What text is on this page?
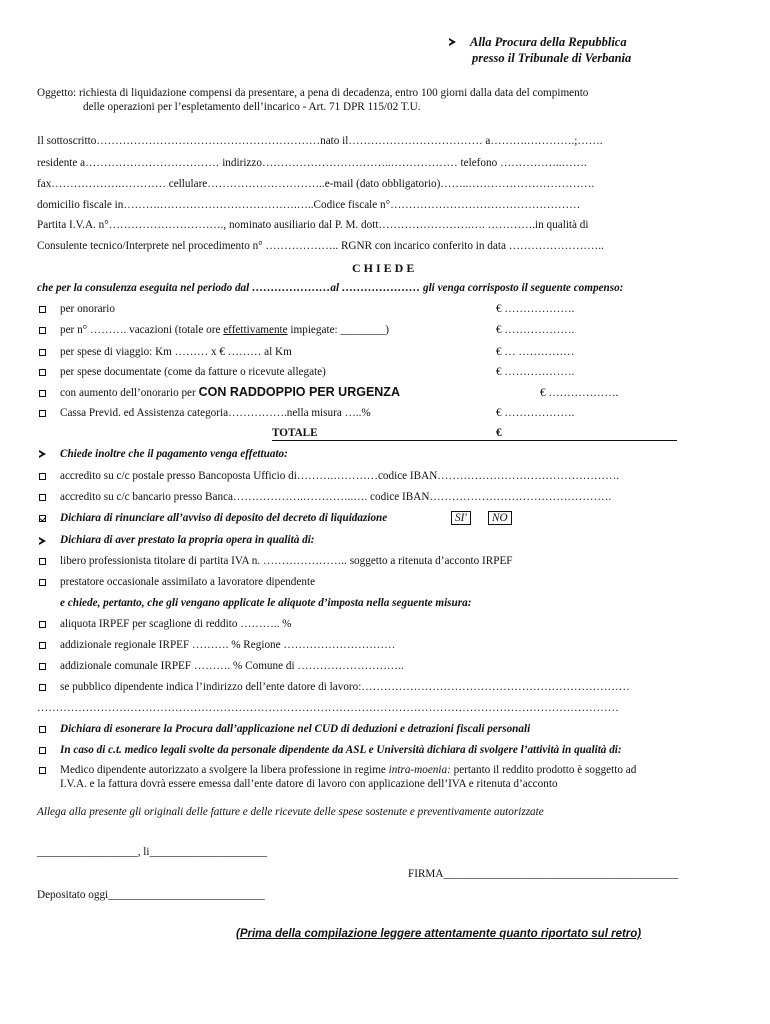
Alla Procura della Repubblica
presso il Tribunale di Verbania
Oggetto: richiesta di liquidazione compensi da presentare, a pena di decadenza, entro 100 giorni dalla data del compimento
delle operazioni per l’espletamento dell’incarico - Art. 71 DPR 115/02 T.U.
Il sottoscritto……………………………………………………nato il……………………………… a……….………….;…….
residente a……………………………… indirizzo……………………………..……………… telefono ……………..…….
fax……………….………… cellulare…………………………..e-mail (dato obbligatorio)……..…………………………….
domicilio fiscale in……….……………………………….…..Codice fiscale n°……………………………………………
Partita I.V.A. n°…………………………., nominato ausiliario dal P. M. dott…………………….…. ………….in qualità di
Consulente tecnico/Interprete nel procedimento n° ……………….. RGNR con incarico conferito in data ……………………..
C H I E D E
che per la consulenza eseguita nel periodo dal …………………al ………………… gli venga corrisposto il seguente compenso:
per onorario	€ ……………….
per n° ………. vacazioni (totale ore effettivamente impiegate: ________)	€ ……………….
per spese di viaggio: Km ……… x € ……… al Km	€ … ……………
per spese documentate (come da fatture o ricevute allegate)	€ ……………….
con aumento dell’onorario per CON RADDOPPIO PER URGENZA	€ ……………….
Cassa Previd. ed Assistenza categoria…………….nella misura …..%	€ ……………….
TOTALE	€
Chiede inoltre che il pagamento venga effettuato:
accredito su c/c postale presso Bancoposta Ufficio di……….…………codice IBAN………………………………………….
accredito su c/c bancario presso Banca……………….…………..…. codice IBAN………………………………………….
Dichiara di rinunciare all’avviso di deposito del decreto di liquidazione	SI'	NO
Dichiara di aver prestato la propria opera in qualità di:
libero professionista titolare di partita IVA n. ………………….. soggetto a ritenuta d’acconto IRPEF
prestatore occasionale assimilato a lavoratore dipendente
e chiede, pertanto, che gli vengano applicate le aliquote d’imposta nella seguente misura:
aliquota IRPEF per scaglione di reddito ……….. %
addizionale regionale IRPEF ………. % Regione …………………………
addizionale comunale IRPEF ………. % Comune di ………………………..
se pubblico dipendente indica l’indirizzo dell’ente datore di lavoro:………………………………………………………………
…………………………………………………………………………………………………………………………………………
Dichiara di esonerare la Procura dall’applicazione nel CUD di deduzioni e detrazioni fiscali personali
In caso di c.t. medico legali svolte da personale dipendente da ASL e Università dichiara di svolgere l’attività in qualità di:
Medico dipendente autorizzato a svolgere la libera professione in regime intra-moenia: pertanto il reddito prodotto è soggetto ad
I.V.A. e la fattura dovrà essere emessa dall’ente datore di lavoro con applicazione dell’IVA e ritenuta d’acconto
Allega alla presente gli originali delle fatture e delle ricevute delle spese sostenute e preventivamente autorizzate
__________________, li_____________________
FIRMA__________________________________________
Depositato oggi____________________________
(Prima della compilazione leggere attentamente quanto riportato sul retro)
